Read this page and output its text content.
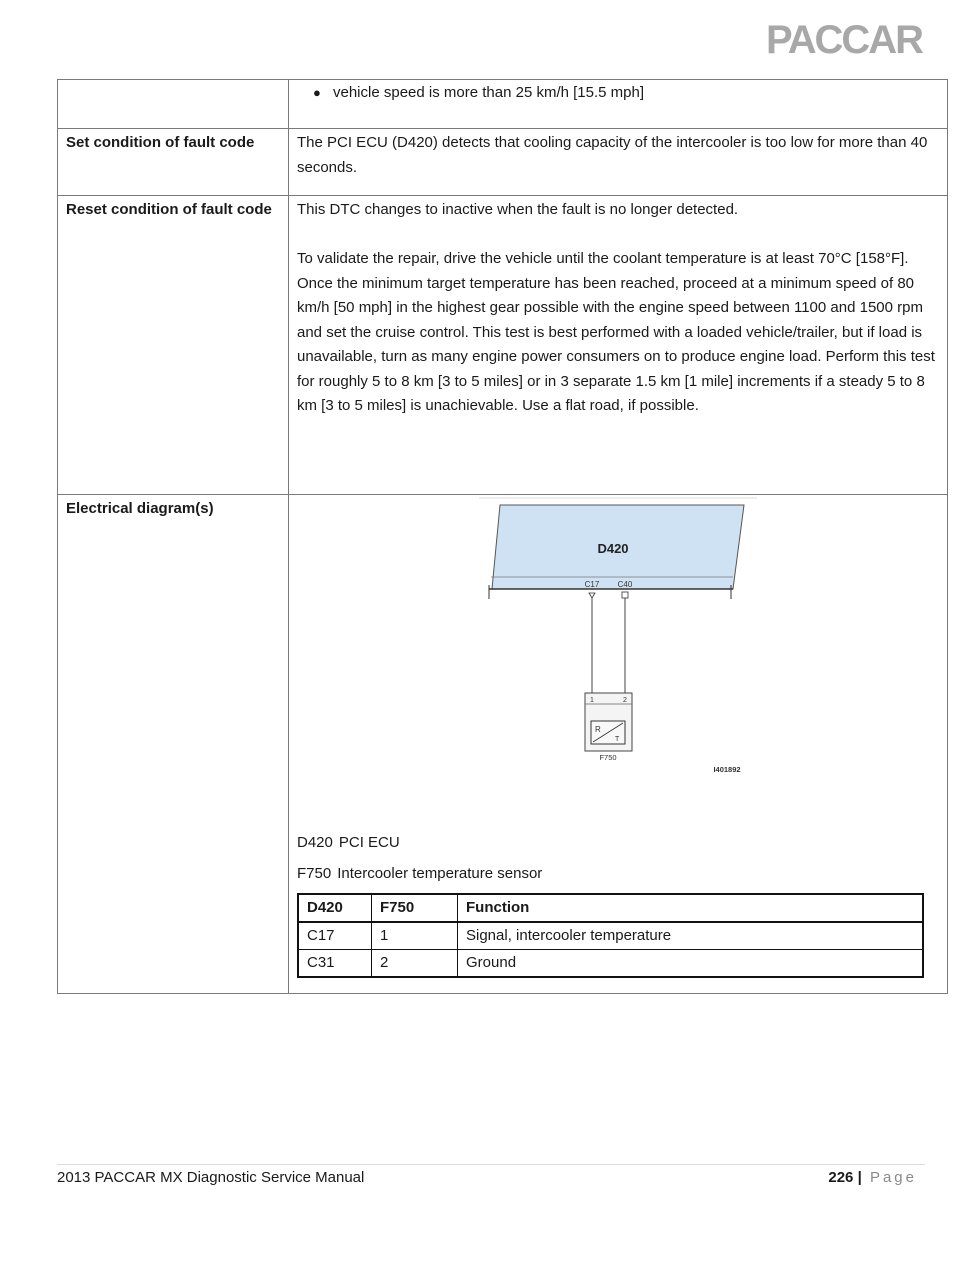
PACCAR

● vehicle speed is more than 25 km/h [15.5 mph]

Set condition of fault code	The PCI ECU (D420) detects that cooling capacity of the intercooler is too low for more than 40 seconds.

Reset condition of fault code	This DTC changes to inactive when the fault is no longer detected.

To validate the repair, drive the vehicle until the coolant temperature is at least 70°C [158°F]. Once the minimum target temperature has been reached, proceed at a minimum speed of 80 km/h [50 mph] in the highest gear possible with the engine speed between 1100 and 1500 rpm and set the cruise control. This test is best performed with a loaded vehicle/trailer, but if load is unavailable, turn as many engine power consumers on to produce engine load. Perform this test for roughly 5 to 8 km [3 to 5 miles] or in 3 separate 1.5 km [1 mile] increments if a steady 5 to 8 km [3 to 5 miles] is unachievable. Use a flat road, if possible.

Electrical diagram(s)	
D420
C17 C40
1	2
R
T
F750
I401892

D420 PCI ECU

F750 Intercooler temperature sensor

D420	F750	Function
C17	1	Signal, intercooler temperature
C31	2	Ground
2013 PACCAR MX Diagnostic Service Manual	226 | Page
